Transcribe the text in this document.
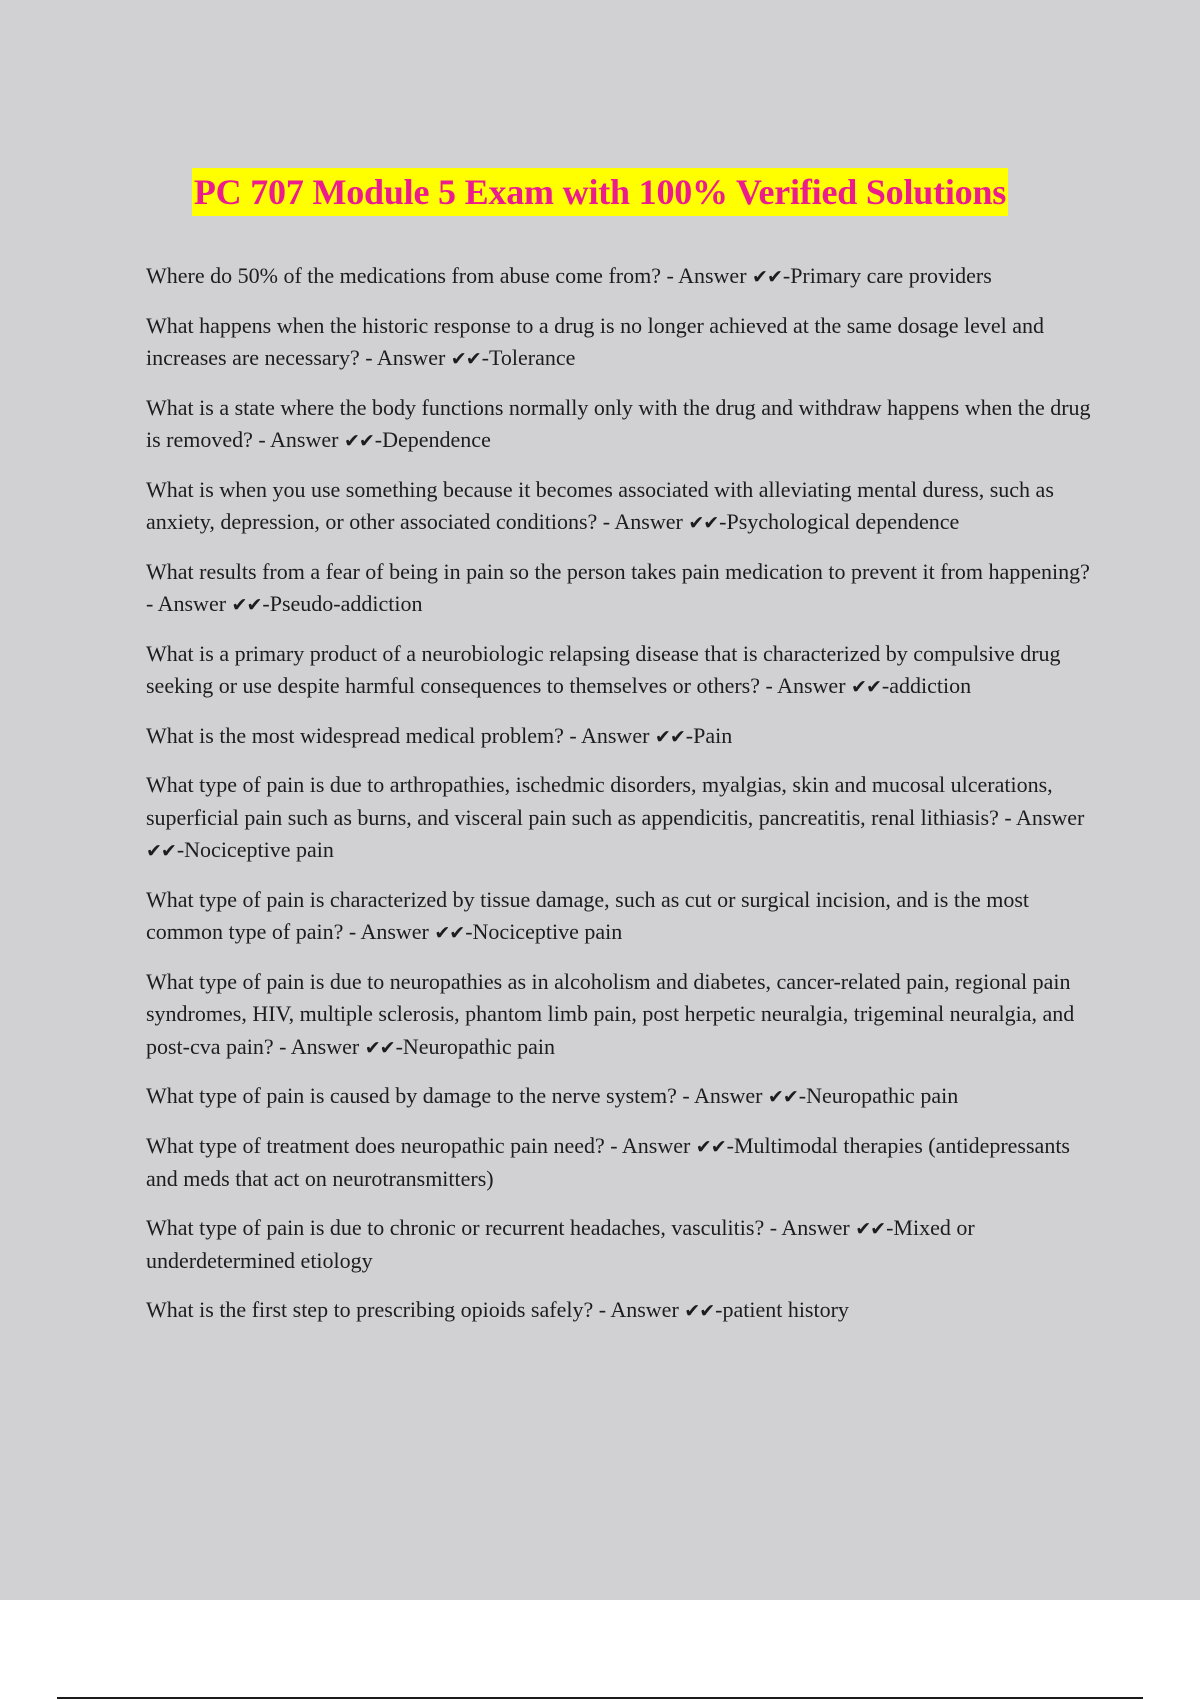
PC 707 Module 5 Exam with 100% Verified Solutions
Where do 50% of the medications from abuse come from? - Answer ✔✔-Primary care providers
What happens when the historic response to a drug is no longer achieved at the same dosage level and increases are necessary? - Answer ✔✔-Tolerance
What is a state where the body functions normally only with the drug and withdraw happens when the drug is removed? - Answer ✔✔-Dependence
What is when you use something because it becomes associated with alleviating mental duress, such as anxiety, depression, or other associated conditions? - Answer ✔✔-Psychological dependence
What results from a fear of being in pain so the person takes pain medication to prevent it from happening? - Answer ✔✔-Pseudo-addiction
What is a primary product of a neurobiologic relapsing disease that is characterized by compulsive drug seeking or use despite harmful consequences to themselves or others? - Answer ✔✔-addiction
What is the most widespread medical problem? - Answer ✔✔-Pain
What type of pain is due to arthropathies, ischedmic disorders, myalgias, skin and mucosal ulcerations, superficial pain such as burns, and visceral pain such as appendicitis, pancreatitis, renal lithiasis? - Answer ✔✔-Nociceptive pain
What type of pain is characterized by tissue damage, such as cut or surgical incision, and is the most common type of pain? - Answer ✔✔-Nociceptive pain
What type of pain is due to neuropathies as in alcoholism and diabetes, cancer-related pain, regional pain syndromes, HIV, multiple sclerosis, phantom limb pain, post herpetic neuralgia, trigeminal neuralgia, and post-cva pain? - Answer ✔✔-Neuropathic pain
What type of pain is caused by damage to the nerve system? - Answer ✔✔-Neuropathic pain
What type of treatment does neuropathic pain need? - Answer ✔✔-Multimodal therapies (antidepressants and meds that act on neurotransmitters)
What type of pain is due to chronic or recurrent headaches, vasculitis? - Answer ✔✔-Mixed or underdetermined etiology
What is the first step to prescribing opioids safely? - Answer ✔✔-patient history
